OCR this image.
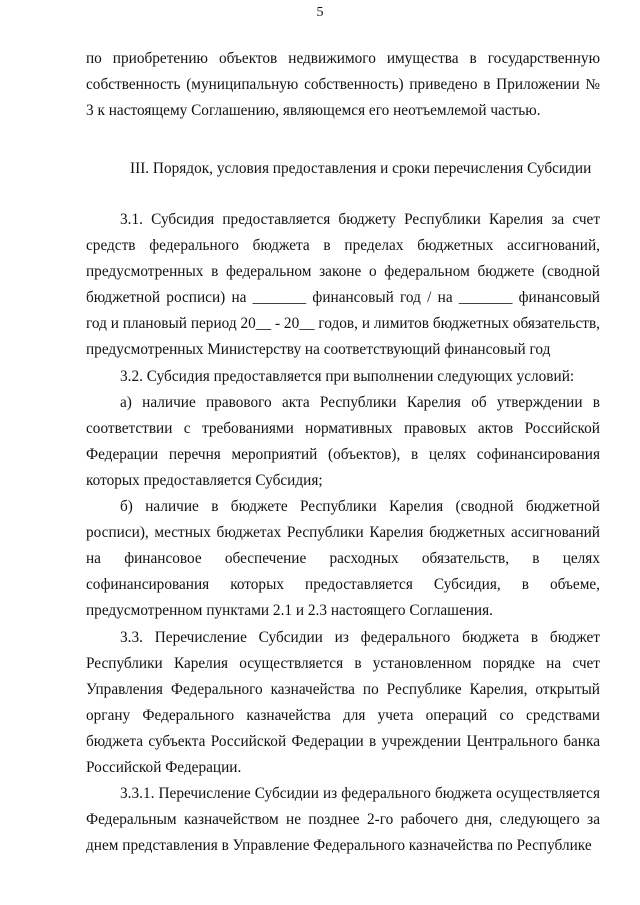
5

по приобретению объектов недвижимого имущества в государственную собственность (муниципальную собственность) приведено в Приложении № 3 к настоящему Соглашению, являющемся его неотъемлемой частью.

III. Порядок, условия предоставления и сроки перечисления Субсидии

3.1. Субсидия предоставляется бюджету Республики Карелия за счет средств федерального бюджета в пределах бюджетных ассигнований, предусмотренных в федеральном законе о федеральном бюджете (сводной бюджетной росписи) на _______ финансовый год / на _______ финансовый год и плановый период 20__ - 20__ годов, и лимитов бюджетных обязательств, предусмотренных Министерству на соответствующий финансовый год

3.2. Субсидия предоставляется при выполнении следующих условий:

а) наличие правового акта Республики Карелия об утверждении в соответствии с требованиями нормативных правовых актов Российской Федерации перечня мероприятий (объектов), в целях софинансирования которых предоставляется Субсидия;

б) наличие в бюджете Республики Карелия (сводной бюджетной росписи), местных бюджетах Республики Карелия бюджетных ассигнований на финансовое обеспечение расходных обязательств, в целях софинансирования которых предоставляется Субсидия, в объеме, предусмотренном пунктами 2.1 и 2.3 настоящего Соглашения.

3.3. Перечисление Субсидии из федерального бюджета в бюджет Республики Карелия осуществляется в установленном порядке на счет Управления Федерального казначейства по Республике Карелия, открытый органу Федерального казначейства для учета операций со средствами бюджета субъекта Российской Федерации в учреждении Центрального банка Российской Федерации.

3.3.1. Перечисление Субсидии из федерального бюджета осуществляется Федеральным казначейством не позднее 2-го рабочего дня, следующего за днем представления в Управление Федерального казначейства по Республике
